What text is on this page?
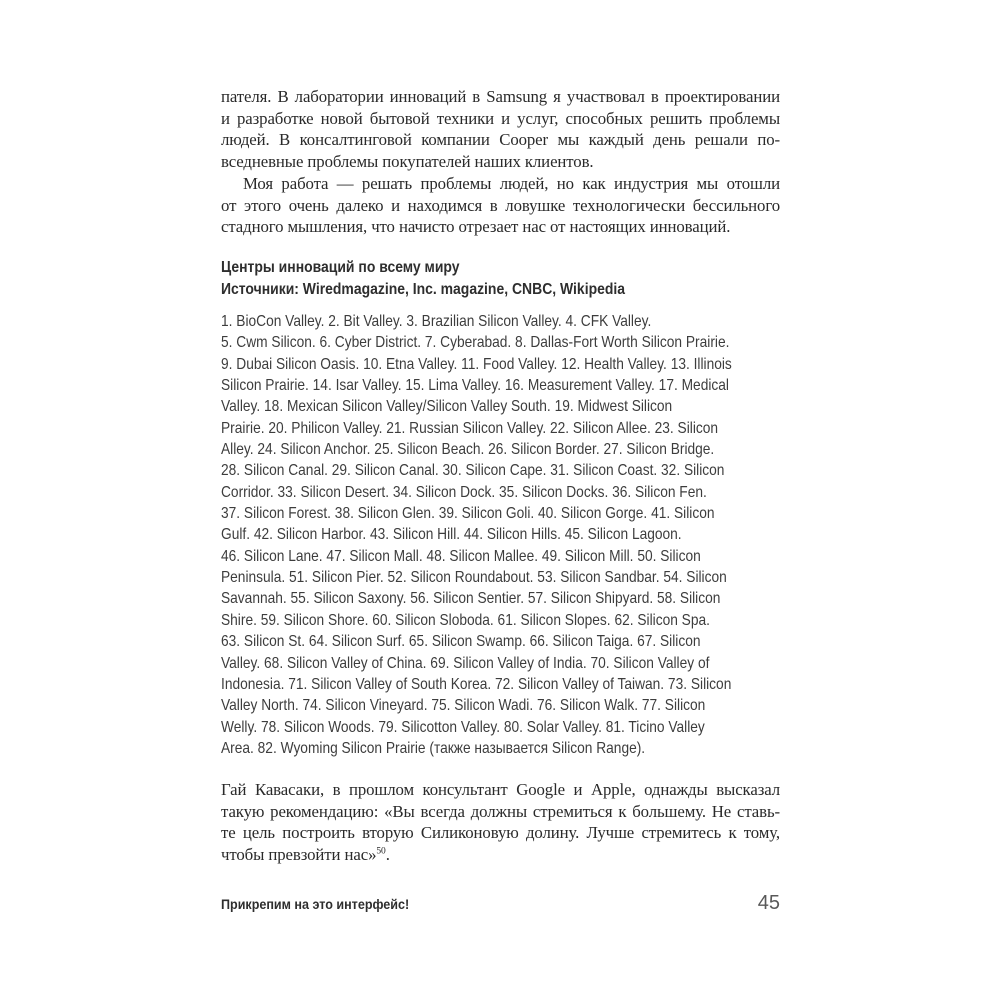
пателя. В лаборатории инноваций в Samsung я участвовал в проектировании
и разработке новой бытовой техники и услуг, способных решить проблемы
людей. В консалтинговой компании Cooper мы каждый день решали по-
вседневные проблемы покупателей наших клиентов.
Моя работа — решать проблемы людей, но как индустрия мы отошли
от этого очень далеко и находимся в ловушке технологически бессильного
стадного мышления, что начисто отрезает нас от настоящих инноваций.
Центры инноваций по всему миру
Источники: Wiredmagazine, Inc. magazine, CNBC, Wikipedia
1. BioCon Valley. 2. Bit Valley. 3. Brazilian Silicon Valley. 4. CFK Valley.
5. Cwm Silicon. 6. Cyber District. 7. Cyberabad. 8. Dallas-Fort Worth Silicon Prairie.
9. Dubai Silicon Oasis. 10. Etna Valley. 11. Food Valley. 12. Health Valley. 13. Illinois
Silicon Prairie. 14. Isar Valley. 15. Lima Valley. 16. Measurement Valley. 17. Medical
Valley. 18. Mexican Silicon Valley/Silicon Valley South. 19. Midwest Silicon
Prairie. 20. Philicon Valley. 21. Russian Silicon Valley. 22. Silicon Allee. 23. Silicon
Alley. 24. Silicon Anchor. 25. Silicon Beach. 26. Silicon Border. 27. Silicon Bridge.
28. Silicon Canal. 29. Silicon Canal. 30. Silicon Cape. 31. Silicon Coast. 32. Silicon
Corridor. 33. Silicon Desert. 34. Silicon Dock. 35. Silicon Docks. 36. Silicon Fen.
37. Silicon Forest. 38. Silicon Glen. 39. Silicon Goli. 40. Silicon Gorge. 41. Silicon
Gulf. 42. Silicon Harbor. 43. Silicon Hill. 44. Silicon Hills. 45. Silicon Lagoon.
46. Silicon Lane. 47. Silicon Mall. 48. Silicon Mallee. 49. Silicon Mill. 50. Silicon
Peninsula. 51. Silicon Pier. 52. Silicon Roundabout. 53. Silicon Sandbar. 54. Silicon
Savannah. 55. Silicon Saxony. 56. Silicon Sentier. 57. Silicon Shipyard. 58. Silicon
Shire. 59. Silicon Shore. 60. Silicon Sloboda. 61. Silicon Slopes. 62. Silicon Spa.
63. Silicon St. 64. Silicon Surf. 65. Silicon Swamp. 66. Silicon Taiga. 67. Silicon
Valley. 68. Silicon Valley of China. 69. Silicon Valley of India. 70. Silicon Valley of
Indonesia. 71. Silicon Valley of South Korea. 72. Silicon Valley of Taiwan. 73. Silicon
Valley North. 74. Silicon Vineyard. 75. Silicon Wadi. 76. Silicon Walk. 77. Silicon
Welly. 78. Silicon Woods. 79. Silicotton Valley. 80. Solar Valley. 81. Ticino Valley
Area. 82. Wyoming Silicon Prairie (также называется Silicon Range).
Гай Кавасаки, в прошлом консультант Google и Apple, однажды высказал
такую рекомендацию: «Вы всегда должны стремиться к большему. Не ставь-
те цель построить вторую Силиконовую долину. Лучше стремитесь к тому,
чтобы превзойти нас»$^{50}$.
Прикрепим на это интерфейс!	45
